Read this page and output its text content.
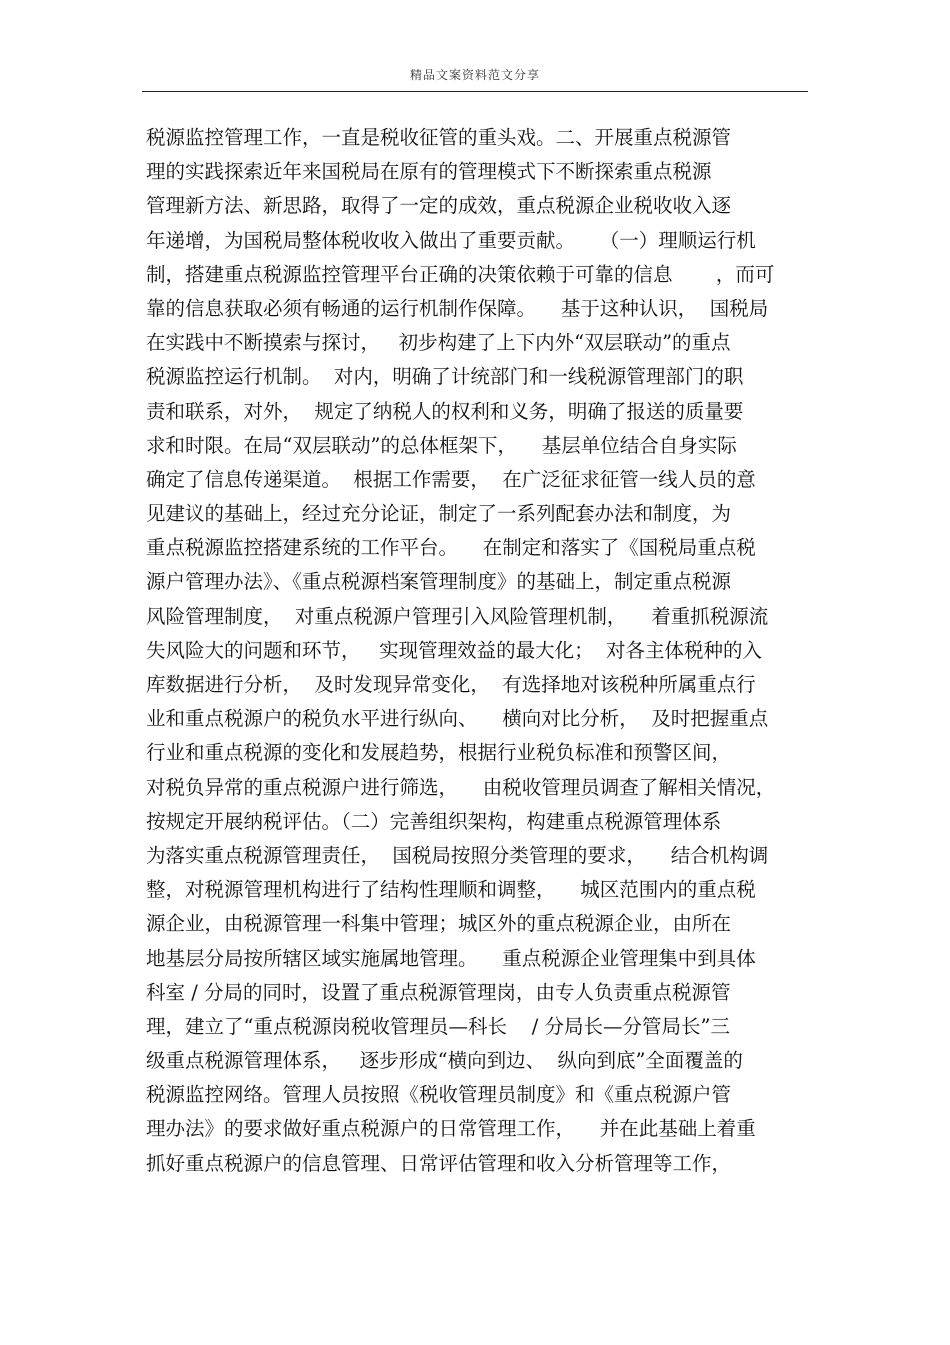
精品文案资料范文分享
税源监控管理工作，一直是税收征管的重头戏。二、开展重点税源管
理的实践探索近年来国税局在原有的管理模式下不断探索重点税源
管理新方法、新思路，取得了一定的成效，重点税源企业税收收入逐
年递增，为国税局整体税收收入做出了重要贡献。    （一）理顺运行机
制，搭建重点税源监控管理平台正确的决策依赖于可靠的信息       ，而可
靠的信息获取必须有畅通的运行机制作保障。    基于这种认识，  国税局
在实践中不断摸索与探讨，   初步构建了上下内外“双层联动”的重点
税源监控运行机制。  对内，明确了计统部门和一线税源管理部门的职
责和联系，对外，  规定了纳税人的权利和义务，明确了报送的质量要
求和时限。在局“双层联动”的总体框架下，    基层单位结合自身实际
确定了信息传递渠道。  根据工作需要，  在广泛征求征管一线人员的意
见建议的基础上，经过充分论证，制定了一系列配套办法和制度，为
重点税源监控搭建系统的工作平台。    在制定和落实了《国税局重点税
源户管理办法》、《重点税源档案管理制度》的基础上，制定重点税源
风险管理制度，  对重点税源户管理引入风险管理机制，    着重抓税源流
失风险大的问题和环节，   实现管理效益的最大化；  对各主体税种的入
库数据进行分析，  及时发现异常变化，  有选择地对该税种所属重点行
业和重点税源户的税负水平进行纵向、    横向对比分析，  及时把握重点
行业和重点税源的变化和发展趋势，根据行业税负标准和预警区间，
对税负异常的重点税源户进行筛选，    由税收管理员调查了解相关情况，
按规定开展纳税评估。（二）完善组织架构，构建重点税源管理体系
为落实重点税源管理责任，  国税局按照分类管理的要求，    结合机构调
整，对税源管理机构进行了结构性理顺和调整，    城区范围内的重点税
源企业，由税源管理一科集中管理；城区外的重点税源企业，由所在
地基层分局按所辖区域实施属地管理。    重点税源企业管理集中到具体
科室 / 分局的同时，设置了重点税源管理岗，由专人负责重点税源管
理，建立了“重点税源岗税收管理员—科长    / 分局长—分管局长”三
级重点税源管理体系，   逐步形成“横向到边、  纵向到底”全面覆盖的
税源监控网络。管理人员按照《税收管理员制度》和《重点税源户管
理办法》的要求做好重点税源户的日常管理工作，    并在此基础上着重
抓好重点税源户的信息管理、日常评估管理和收入分析管理等工作，
